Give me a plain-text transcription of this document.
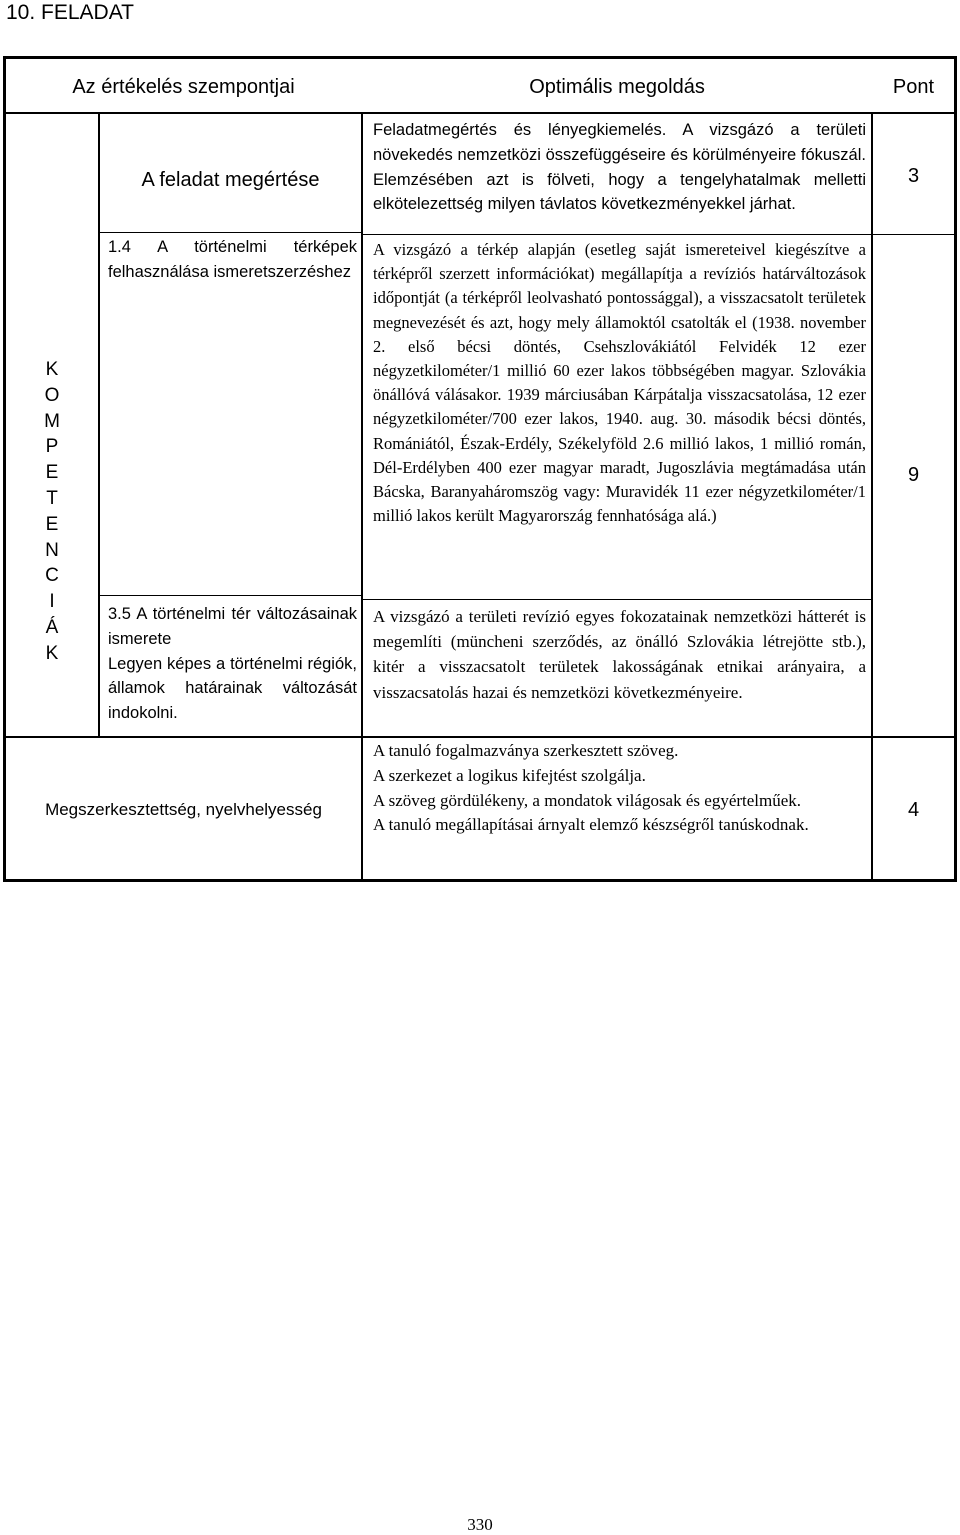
10. FELADAT
Az értékelés szempontjai	Optimális megoldás	Pont
K
O
M
P
E
T
E
N
C
I
Á
K
A feladat megértése
Feladatmegértés és lényegkiemelés. A vizsgázó a területi növekedés nemzetközi összefüggéseire és körülményeire fókuszál. Elemzésében azt is fölveti, hogy a tengelyhatalmak melletti elkötelezettség milyen távlatos következményekkel járhat.
3
1.4 A történelmi térképek felhasználása ismeretszerzéshez
A vizsgázó a térkép alapján (esetleg saját ismereteivel kiegészítve a térképről szerzett információkat) megállapítja a revíziós határváltozások időpontját (a térképről leolvasható pontossággal), a visszacsatolt területek megnevezését és azt, hogy mely államoktól csatolták el (1938. november 2. első bécsi döntés, Csehszlovákiától Felvidék 12 ezer négyzetkilométer/1 millió 60 ezer lakos többségében magyar. Szlovákia önállóvá válásakor. 1939 márciusában Kárpátalja visszacsatolása, 12 ezer négyzetkilométer/700 ezer lakos, 1940. aug. 30. második bécsi döntés, Romániától, Észak-Erdély, Székelyföld 2.6 millió lakos, 1 millió román, Dél-Erdélyben 400 ezer magyar maradt, Jugoszlávia megtámadása után Bácska, Baranyaháromszög vagy: Muravidék 11 ezer négyzetkilométer/1 millió lakos került Magyarország fennhatósága alá.)

3.5 A történelmi tér változásainak ismerete

Legyen képes a történelmi régiók, államok határainak változását indokolni.

A vizsgázó a területi revízió egyes fokozatainak nemzetközi hátterét is megemlíti (müncheni szerződés, az önálló Szlovákia létrejötte stb.), kitér a visszacsatolt területek lakosságának etnikai arányaira, a visszacsatolás hazai és nemzetközi következményeire.
9
Megszerkesztettség, nyelvhelyesség

A tanuló fogalmazványa szerkesztett szöveg.

A szerkezet a logikus kifejtést szolgálja.

A szöveg gördülékeny, a mondatok világosak és egyértelműek.

A tanuló megállapításai árnyalt elemző készségről tanúskodnak.

4
330
